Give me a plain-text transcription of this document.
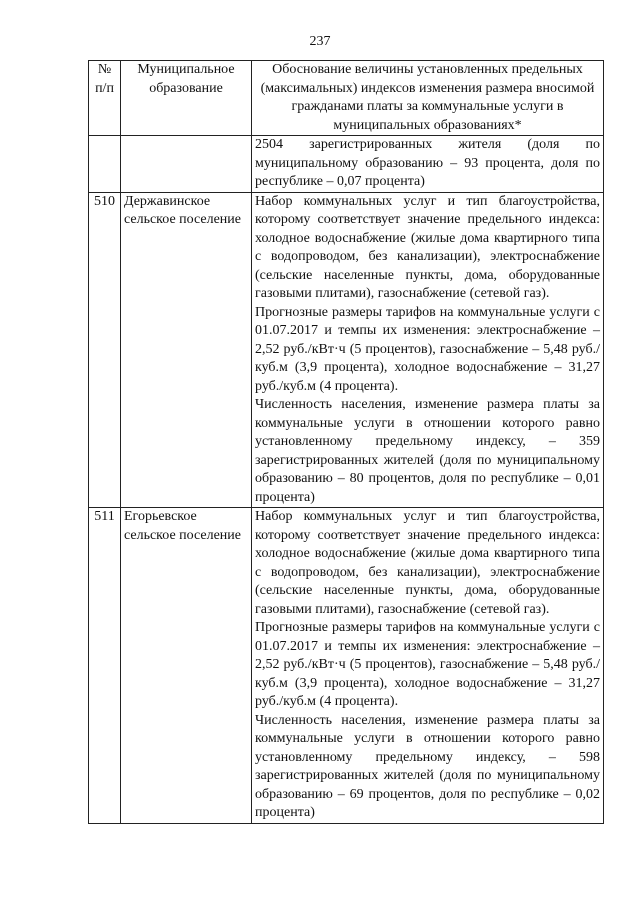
237
№ п/п	Муниципальное образование	Обоснование величины установленных предельных (максимальных) индексов изменения размера вносимой гражданами платы за коммунальные услуги в муниципальных образованиях*

		2504 зарегистрированных жителя (доля по муниципальному образованию – 93 процента, доля по республике – 0,07 процента)

510	Державинское сельское поселение	Набор коммунальных услуг и тип благоустройства, которому соответствует значение предельного индекса: холодное водоснабжение (жилые дома квартирного типа с водопроводом, без канализации), электроснабжение (сельские населенные пункты, дома, оборудованные газовыми плитами), газоснабжение (сетевой газ).

Прогнозные размеры тарифов на коммунальные услуги с 01.07.2017 и темпы их изменения: электроснабжение – 2,52 руб./кВт·ч (5 процентов), газоснабжение – 5,48 руб./куб.м (3,9 процента), холодное водоснабжение – 31,27 руб./куб.м (4 процента).

Численность населения, изменение размера платы за коммунальные услуги в отношении которого равно установленному предельному индексу, – 359 зарегистрированных жителей (доля по муниципальному образованию – 80 процентов, доля по республике – 0,01 процента)

511	Егорьевское сельское поселение	Набор коммунальных услуг и тип благоустройства, которому соответствует значение предельного индекса: холодное водоснабжение (жилые дома квартирного типа с водопроводом, без канализации), электроснабжение (сельские населенные пункты, дома, оборудованные газовыми плитами), газоснабжение (сетевой газ).

Прогнозные размеры тарифов на коммунальные услуги с 01.07.2017 и темпы их изменения: электроснабжение – 2,52 руб./кВт·ч (5 процентов), газоснабжение – 5,48 руб./куб.м (3,9 процента), холодное водоснабжение – 31,27 руб./куб.м (4 процента).

Численность населения, изменение размера платы за коммунальные услуги в отношении которого равно установленному предельному индексу, – 598 зарегистрированных жителей (доля по муниципальному образованию – 69 процентов, доля по республике – 0,02 процента)
